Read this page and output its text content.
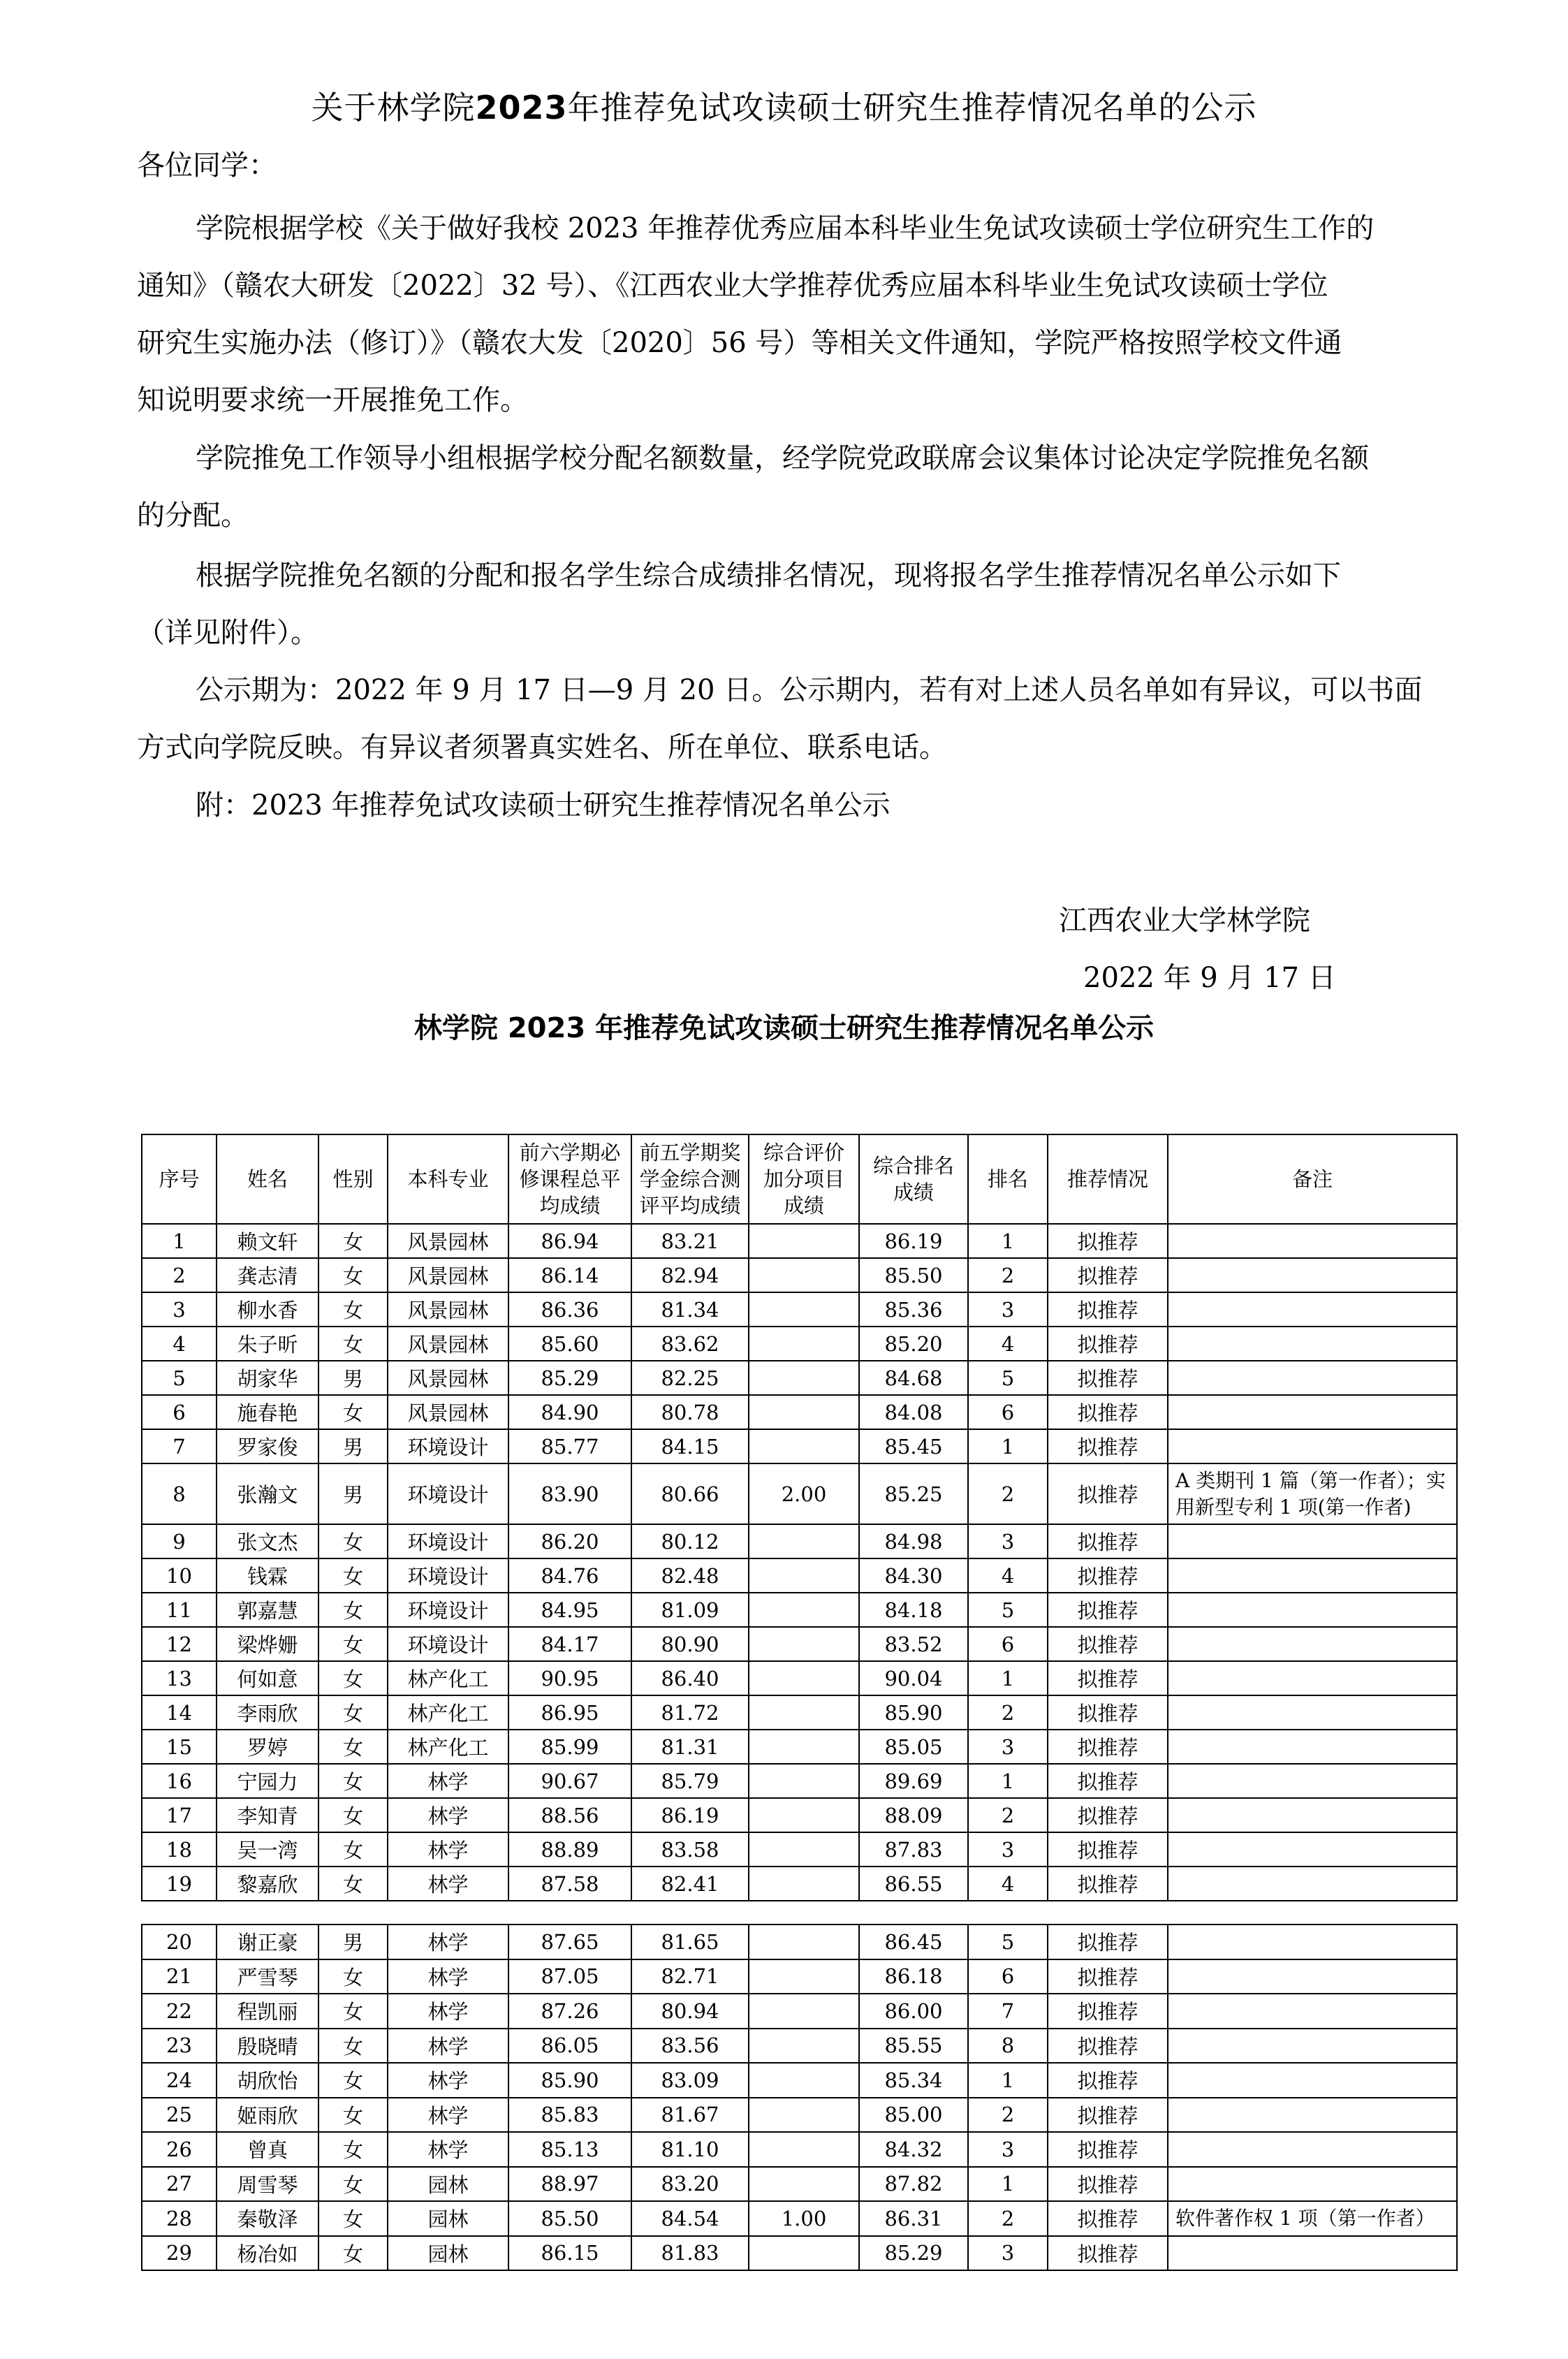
关于林学院2023年推荐免试攻读硕士研究生推荐情况名单的公示
各位同学：
学院根据学校《关于做好我校 2023 年推荐优秀应届本科毕业生免试攻读硕士学位研究生工作的
通知》（赣农大研发〔2022〕32 号）、《江西农业大学推荐优秀应届本科毕业生免试攻读硕士学位
研究生实施办法（修订）》（赣农大发〔2020〕56 号）等相关文件通知，学院严格按照学校文件通
知说明要求统一开展推免工作。
学院推免工作领导小组根据学校分配名额数量，经学院党政联席会议集体讨论决定学院推免名额
的分配。
根据学院推免名额的分配和报名学生综合成绩排名情况，现将报名学生推荐情况名单公示如下
（详见附件）。
公示期为：2022 年 9 月 17 日—9 月 20 日。公示期内，若有对上述人员名单如有异议，可以书面
方式向学院反映。有异议者须署真实姓名、所在单位、联系电话。
附：2023 年推荐免试攻读硕士研究生推荐情况名单公示
江西农业大学林学院
2022 年 9 月 17 日
林学院 2023 年推荐免试攻读硕士研究生推荐情况名单公示
序号	姓名	性别	本科专业	前六学期必修课程总平均成绩	前五学期奖学金综合测评平均成绩	综合评价加分项目成绩	综合排名成绩	排名	推荐情况	备注
1	赖文轩	女	风景园林	86.94	83.21		86.19	1	拟推荐	
2	龚志清	女	风景园林	86.14	82.94		85.50	2	拟推荐	
3	柳水香	女	风景园林	86.36	81.34		85.36	3	拟推荐	
4	朱子昕	女	风景园林	85.60	83.62		85.20	4	拟推荐	
5	胡家华	男	风景园林	85.29	82.25		84.68	5	拟推荐	
6	施春艳	女	风景园林	84.90	80.78		84.08	6	拟推荐	
7	罗家俊	男	环境设计	85.77	84.15		85.45	1	拟推荐	
8	张瀚文	男	环境设计	83.90	80.66	2.00	85.25	2	拟推荐	A 类期刊 1 篇（第一作者）；实用新型专利 1 项(第一作者)
9	张文杰	女	环境设计	86.20	80.12		84.98	3	拟推荐	
10	钱霖	女	环境设计	84.76	82.48		84.30	4	拟推荐	
11	郭嘉慧	女	环境设计	84.95	81.09		84.18	5	拟推荐	
12	梁烨姗	女	环境设计	84.17	80.90		83.52	6	拟推荐	
13	何如意	女	林产化工	90.95	86.40		90.04	1	拟推荐	
14	李雨欣	女	林产化工	86.95	81.72		85.90	2	拟推荐	
15	罗婷	女	林产化工	85.99	81.31		85.05	3	拟推荐	
16	宁园力	女	林学	90.67	85.79		89.69	1	拟推荐	
17	李知青	女	林学	88.56	86.19		88.09	2	拟推荐	
18	吴一湾	女	林学	88.89	83.58		87.83	3	拟推荐	
19	黎嘉欣	女	林学	87.58	82.41		86.55	4	拟推荐	
20	谢正豪	男	林学	87.65	81.65		86.45	5	拟推荐	
21	严雪琴	女	林学	87.05	82.71		86.18	6	拟推荐	
22	程凯丽	女	林学	87.26	80.94		86.00	7	拟推荐	
23	殷晓晴	女	林学	86.05	83.56		85.55	8	拟推荐	
24	胡欣怡	女	林学	85.90	83.09		85.34	1	拟推荐	
25	姬雨欣	女	林学	85.83	81.67		85.00	2	拟推荐	
26	曾真	女	林学	85.13	81.10		84.32	3	拟推荐	
27	周雪琴	女	园林	88.97	83.20		87.82	1	拟推荐	
28	秦敬泽	女	园林	85.50	84.54	1.00	86.31	2	拟推荐	软件著作权 1 项（第一作者）
29	杨冶如	女	园林	86.15	81.83		85.29	3	拟推荐	
